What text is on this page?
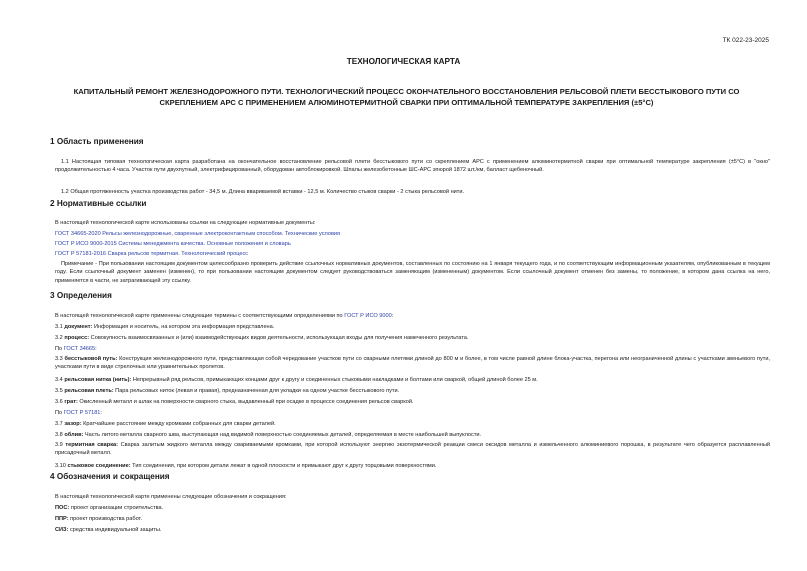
ТК 022-23-2025
ТЕХНОЛОГИЧЕСКАЯ КАРТА
КАПИТАЛЬНЫЙ РЕМОНТ ЖЕЛЕЗНОДОРОЖНОГО ПУТИ. ТЕХНОЛОГИЧЕСКИЙ ПРОЦЕСС ОКОНЧАТЕЛЬНОГО ВОССТАНОВЛЕНИЯ РЕЛЬСОВОЙ ПЛЕТИ БЕССТЫКОВОГО ПУТИ СО СКРЕПЛЕНИЕМ АРС С ПРИМЕНЕНИЕМ АЛЮМИНОТЕРМИТНОЙ СВАРКИ ПРИ ОПТИМАЛЬНОЙ ТЕМПЕРАТУРЕ ЗАКРЕПЛЕНИЯ (±5°С)
1 Область применения
1.1 Настоящая типовая технологическая карта разработана на окончательное восстановление рельсовой плети бесстыкового пути со скреплением АРС с применением алюминотермитной сварки при оптимальной температуре закрепления (±5°С) в "окно" продолжительностью 4 часа. Участок пути двухпутный, электрифицированный, оборудован автоблокировкой. Шпалы железобетонные ШС-АРС эпюрой 1872 шт./км, балласт щебеночный.
1.2 Общая протяженность участка производства работ - 34,5 м. Длина ввариваемой вставки - 12,5 м. Количество стыков сварки - 2 стыка рельсовой нити.
2 Нормативные ссылки
В настоящей технологической карте использованы ссылки на следующие нормативные документы:
ГОСТ 34665-2020 Рельсы железнодорожные, сваренные электроконтактным способом. Технические условия
ГОСТ Р ИСО 9000-2015 Системы менеджмента качества. Основные положения и словарь
ГОСТ Р 57181-2016 Сварка рельсов термитная. Технологический процесс
Примечание - При пользовании настоящим документом целесообразно проверить действие ссылочных нормативных документов, составленных по состоянию на 1 января текущего года, и по соответствующим информационным указателям, опубликованным в текущем году. Если ссылочный документ заменен (изменен), то при пользовании настоящим документом следует руководствоваться заменяющим (измененным) документом. Если ссылочный документ отменен без замены, то положение, в котором дана ссылка на него, применяется в части, не затрагивающей эту ссылку.
3 Определения
В настоящей технологической карте применены следующие термины с соответствующими определениями по ГОСТ Р ИСО 9000:
3.1 документ: Информация и носитель, на котором эта информация представлена.
3.2 процесс: Совокупность взаимосвязанных и (или) взаимодействующих видов деятельности, использующая входы для получения намеченного результата.
По ГОСТ 34665:
3.3 бесстыковой путь: Конструкция железнодорожного пути, представляющая собой чередование участков пути со сварными плетями длиной до 800 м и более, в том числе равной длине блока-участка, перегона или неограниченной длины с участками звеньевого пути, участками пути в виде стрелочных или уравнительных пролетов.
3.4 рельсовая нитка (нить): Непрерывный ряд рельсов, примыкающих концами друг к другу и соединенных стыковыми накладками и болтами или сваркой, общей длиной более 25 м.
3.5 рельсовая плеть: Пара рельсовых ниток (левая и правая), предназначенная для укладки на одном участке бесстыкового пути.
3.6 грат: Окисленный металл и шлак на поверхности сварного стыка, выдавленный при осадке в процессе соединения рельсов сваркой.
По ГОСТ Р 57181:
3.7 зазор: Кратчайшее расстояние между кромками собранных для сварки деталей.
3.8 облив: Часть литого металла сварного шва, выступающая над видимой поверхностью соединяемых деталей, определяемая в месте наибольшей выпуклости.
3.9 термитная сварка: Сварка залитым жидкого металла между свариваемыми кромками, при которой используют энергию экзотермической реакции смеси оксидов металла и измельченного алюминиевого порошка, в результате чего образуется расплавленный присадочный металл.
3.10 стыковое соединение: Тип соединения, при котором детали лежат в одной плоскости и примыкают друг к другу торцовыми поверхностями.
4 Обозначения и сокращения
В настоящей технологической карте применены следующие обозначения и сокращения:
ПОС: проект организации строительства.
ППР: проект производства работ.
СИЗ: средства индивидуальной защиты.
